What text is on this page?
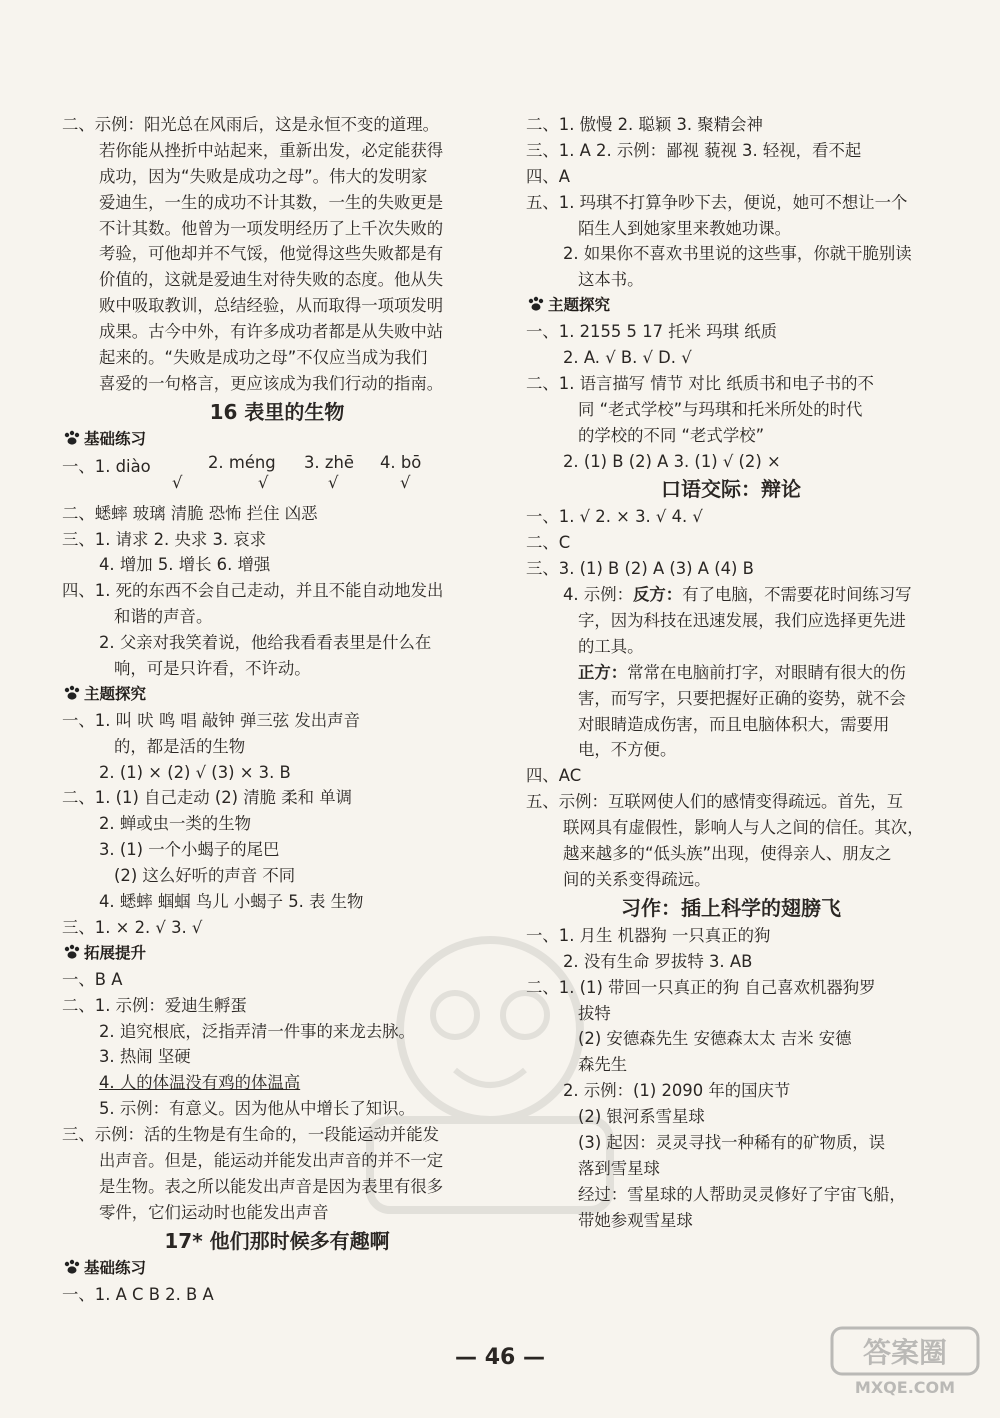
二、示例：阳光总在风雨后，这是永恒不变的道理。
若你能从挫折中站起来，重新出发，必定能获得
成功，因为“失败是成功之母”。伟大的发明家
爱迪生，一生的成功不计其数，一生的失败更是
不计其数。他曾为一项发明经历了上千次失败的
考验，可他却并不气馁，他觉得这些失败都是有
价值的，这就是爱迪生对待失败的态度。他从失
败中吸取教训，总结经验，从而取得一项项发明
成果。古今中外，有许多成功者都是从失败中站
起来的。“失败是成功之母”不仅应当成为我们
喜爱的一句格言，更应该成为我们行动的指南。
16 表里的生物
基础练习
一、1. diào	2. méng 3. zhē 4. bō
√	√	√	√
二、蟋蟀 玻璃 清脆 恐怖 拦住 凶恶
三、1. 请求 2. 央求 3. 哀求
4. 增加 5. 增长 6. 增强
四、1. 死的东西不会自己走动，并且不能自动地发出
和谐的声音。
2. 父亲对我笑着说，他给我看看表里是什么在
响，可是只许看，不许动。
主题探究
一、1. 叫 吠 鸣 唱 敲钟 弹三弦 发出声音
的，都是活的生物
2. (1) × (2) √ (3) × 3. B
二、1. (1) 自己走动 (2) 清脆 柔和 单调
2. 蝉或虫一类的生物
3. (1) 一个小蝎子的尾巴
(2) 这么好听的声音 不同
4. 蟋蟀 蝈蝈 鸟儿 小蝎子 5. 表 生物
三、1. × 2. √ 3. √
拓展提升
一、B A
二、1. 示例：爱迪生孵蛋
2. 追究根底，泛指弄清一件事的来龙去脉。
3. 热闹 坚硬
4. 人的体温没有鸡的体温高
5. 示例：有意义。因为他从中增长了知识。
三、示例：活的生物是有生命的，一段能运动并能发
出声音。但是，能运动并能发出声音的并不一定
是生物。表之所以能发出声音是因为表里有很多
零件，它们运动时也能发出声音
17* 他们那时候多有趣啊
基础练习
一、1. A C B 2. B A
二、1. 傲慢 2. 聪颖 3. 聚精会神
三、1. A 2. 示例：鄙视 藐视 3. 轻视，看不起
四、A
五、1. 玛琪不打算争吵下去，便说，她可不想让一个
陌生人到她家里来教她功课。
2. 如果你不喜欢书里说的这些事，你就干脆别读
这本书。
主题探究
一、1. 2155 5 17 托米 玛琪 纸质
2. A. √ B. √ D. √
二、1. 语言描写 情节 对比 纸质书和电子书的不
同 “老式学校”与玛琪和托米所处的时代
的学校的不同 “老式学校”
2. (1) B (2) A 3. (1) √ (2) ×
口语交际：辩论
一、1. √ 2. × 3. √ 4. √
二、C
三、3. (1) B (2) A (3) A (4) B
4. 示例：反方：有了电脑，不需要花时间练习写
字，因为科技在迅速发展，我们应选择更先进
的工具。
正方：常常在电脑前打字，对眼睛有很大的伤
害，而写字，只要把握好正确的姿势，就不会
对眼睛造成伤害，而且电脑体积大，需要用
电，不方便。
四、AC
五、示例：互联网使人们的感情变得疏远。首先，互
联网具有虚假性，影响人与人之间的信任。其次，
越来越多的“低头族”出现，使得亲人、朋友之
间的关系变得疏远。
习作：插上科学的翅膀飞
一、1. 月生 机器狗 一只真正的狗
2. 没有生命 罗拔特 3. AB
二、1. (1) 带回一只真正的狗 自己喜欢机器狗罗
拔特
(2) 安德森先生 安德森太太 吉米 安德
森先生
2. 示例：(1) 2090 年的国庆节
(2) 银河系雪星球
(3) 起因：灵灵寻找一种稀有的矿物质，误
落到雪星球
经过：雪星球的人帮助灵灵修好了宇宙飞船，
带她参观雪星球
— 46 —	答案圈
MXQE.COM
